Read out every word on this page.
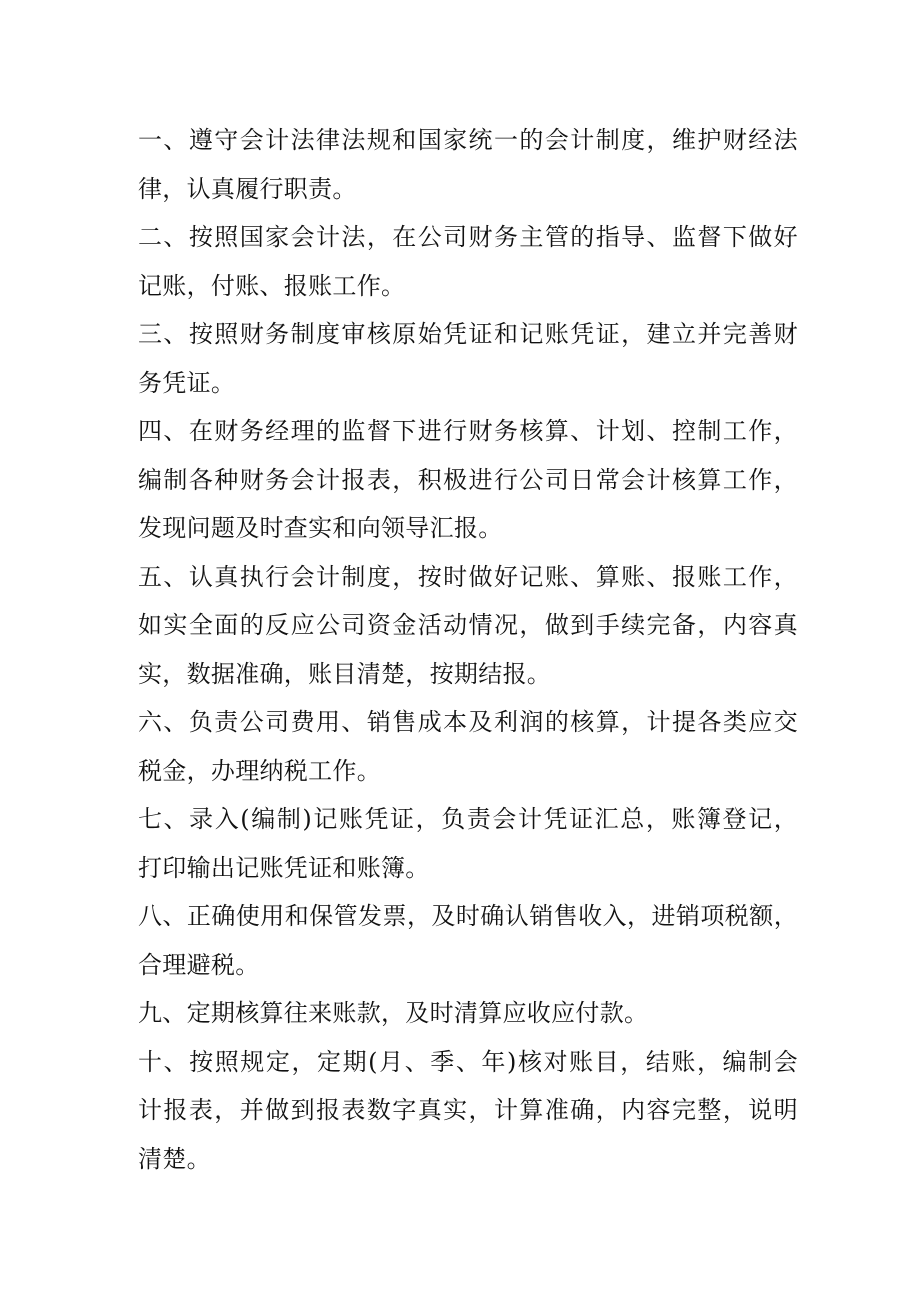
一、遵守会计法律法规和国家统一的会计制度，维护财经法
律，认真履行职责。
二、按照国家会计法，在公司财务主管的指导、监督下做好
记账，付账、报账工作。
三、按照财务制度审核原始凭证和记账凭证，建立并完善财
务凭证。
四、在财务经理的监督下进行财务核算、计划、控制工作，
编制各种财务会计报表，积极进行公司日常会计核算工作，
发现问题及时查实和向领导汇报。
五、认真执行会计制度，按时做好记账、算账、报账工作，
如实全面的反应公司资金活动情况，做到手续完备，内容真
实，数据准确，账目清楚，按期结报。
六、负责公司费用、销售成本及利润的核算，计提各类应交
税金，办理纳税工作。
七、录入(编制)记账凭证，负责会计凭证汇总，账簿登记，
打印输出记账凭证和账簿。
八、正确使用和保管发票，及时确认销售收入，进销项税额，
合理避税。
九、定期核算往来账款，及时清算应收应付款。
十、按照规定，定期(月、季、年)核对账目，结账，编制会
计报表，并做到报表数字真实，计算准确，内容完整，说明
清楚。
